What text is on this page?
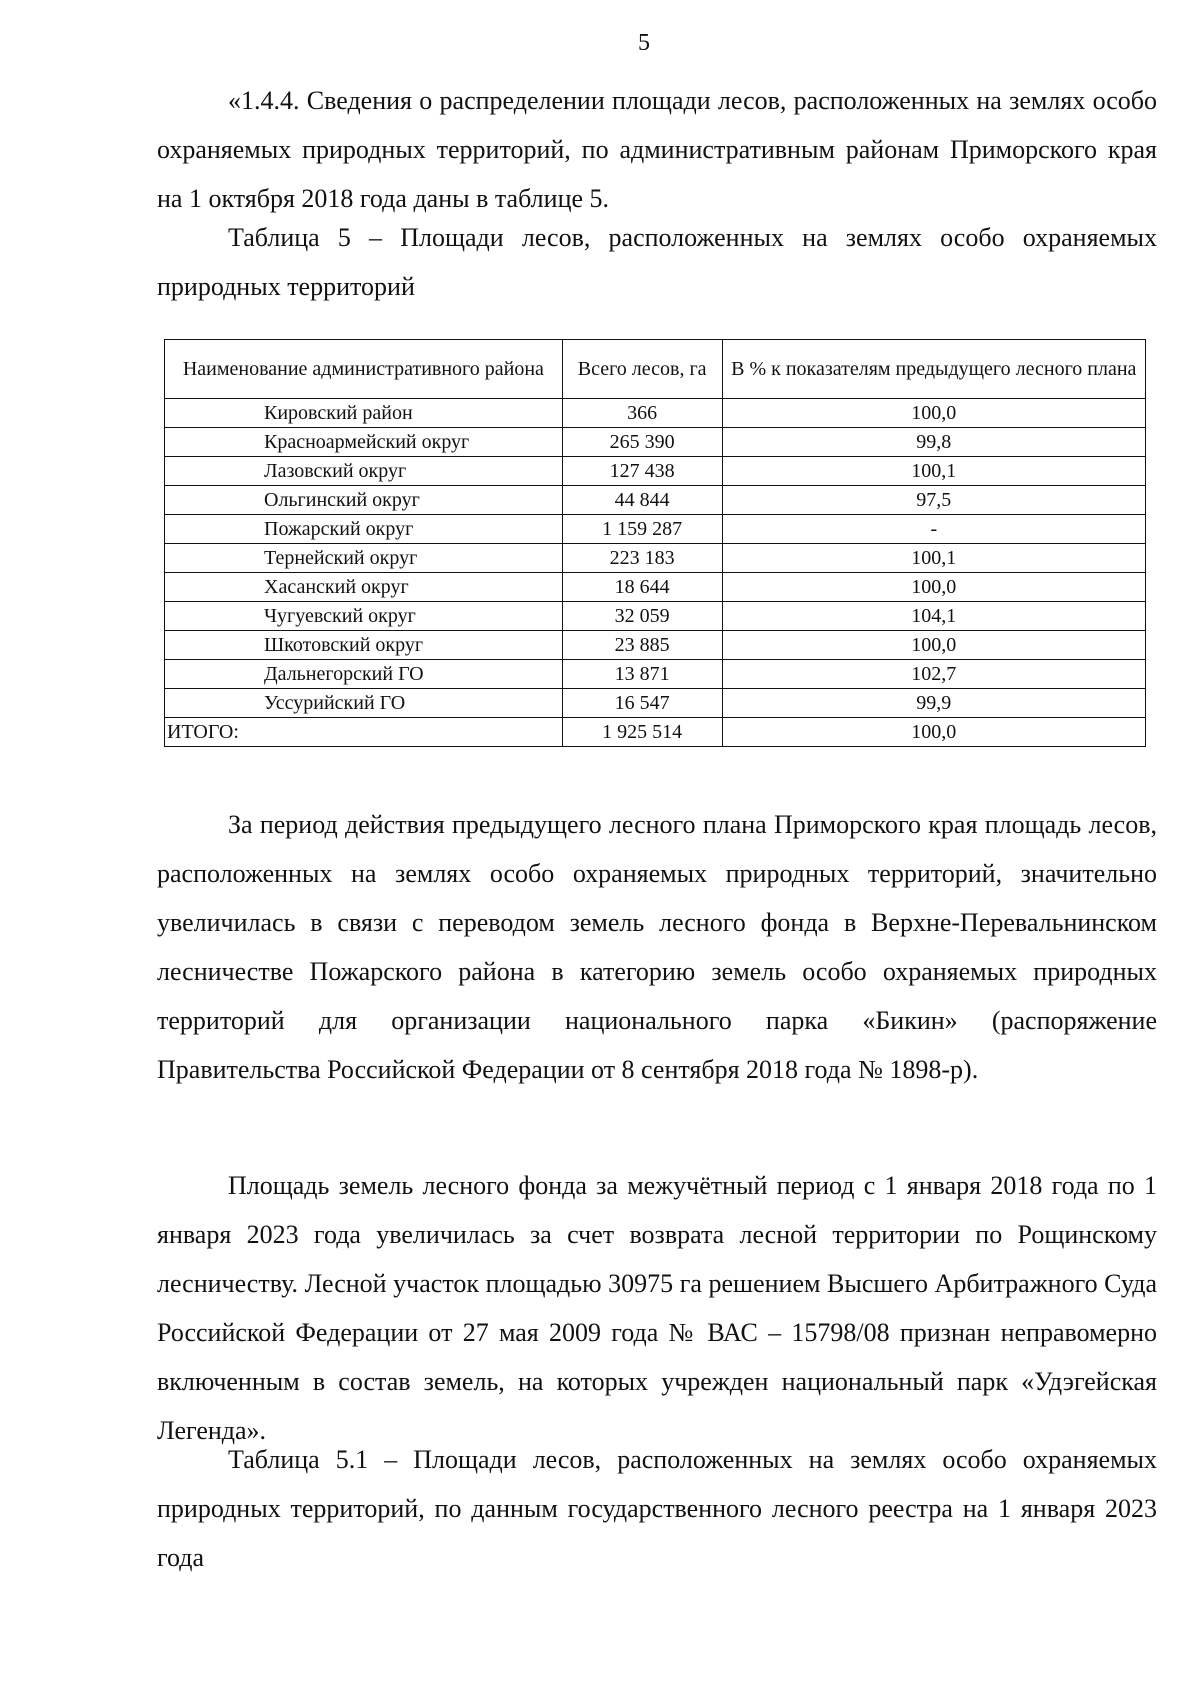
5

«1.4.4. Сведения о распределении площади лесов, расположенных на землях особо охраняемых природных территорий, по административным районам Приморского края на 1 октября 2018 года даны в таблице 5.

Таблица 5 – Площади лесов, расположенных на землях особо охраняемых природных территорий

Наименование административного района	Всего лесов, га	В % к показателям предыдущего лесного плана
Кировский район	366	100,0
Красноармейский округ	265 390	99,8
Лазовский округ	127 438	100,1
Ольгинский округ	44 844	97,5
Пожарский округ	1 159 287	-
Тернейский округ	223 183	100,1
Хасанский округ	18 644	100,0
Чугуевский округ	32 059	104,1
Шкотовский округ	23 885	100,0
Дальнегорский ГО	13 871	102,7
Уссурийский ГО	16 547	99,9
ИТОГО:	1 925 514	100,0

За период действия предыдущего лесного плана Приморского края площадь лесов, расположенных на землях особо охраняемых природных территорий, значительно увеличилась в связи с переводом земель лесного фонда в Верхне-Перевальнинском лесничестве Пожарского района в категорию земель особо охраняемых природных территорий для организации национального парка «Бикин» (распоряжение Правительства Российской Федерации от 8 сентября 2018 года № 1898-р).

Площадь земель лесного фонда за межучётный период с 1 января 2018 года по 1 января 2023 года увеличилась за счет возврата лесной территории по Рощинскому лесничеству. Лесной участок площадью 30975 га решением Высшего Арбитражного Суда Российской Федерации от 27 мая 2009 года № ВАС – 15798/08 признан неправомерно включенным в состав земель, на которых учрежден национальный парк «Удэгейская Легенда».

Таблица 5.1 – Площади лесов, расположенных на землях особо охраняемых природных территорий, по данным государственного лесного реестра на 1 января 2023 года
